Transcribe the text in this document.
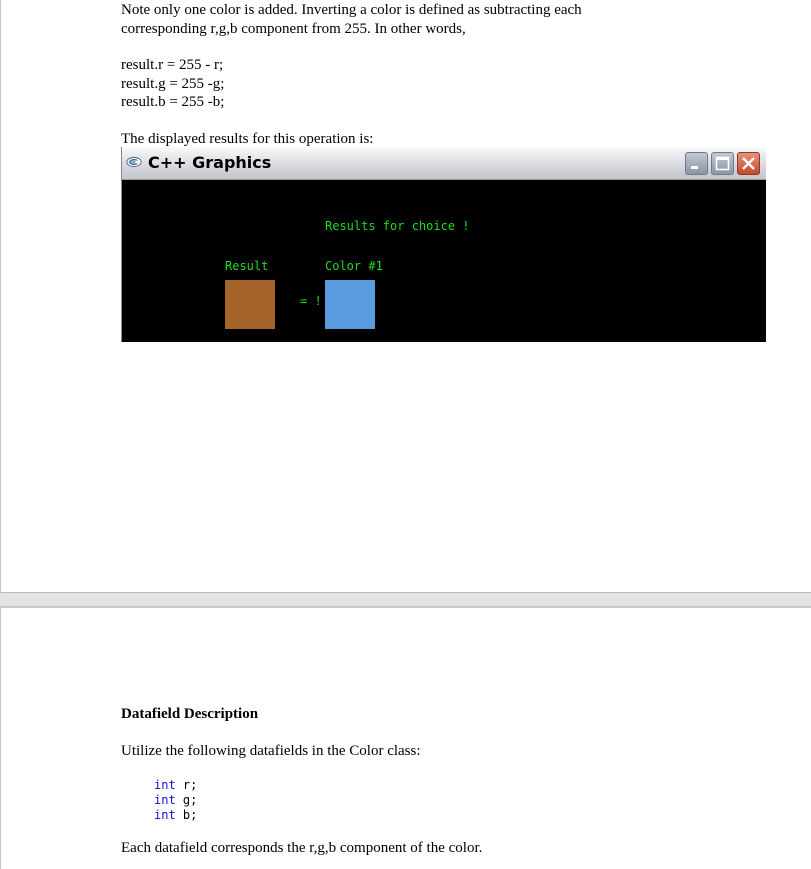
Note only one color is added. Inverting a color is defined as subtracting each
corresponding r,g,b component from 255. In other words,
result.r = 255 - r;
result.g = 255 -g;
result.b = 255 -b;
The displayed results for this operation is:
C++ Graphics
Results for choice !
Result	Color #1
= !
Datafield Description
Utilize the following datafields in the Color class:
int r;
int g;
int b;
Each datafield corresponds the r,g,b component of the color.
